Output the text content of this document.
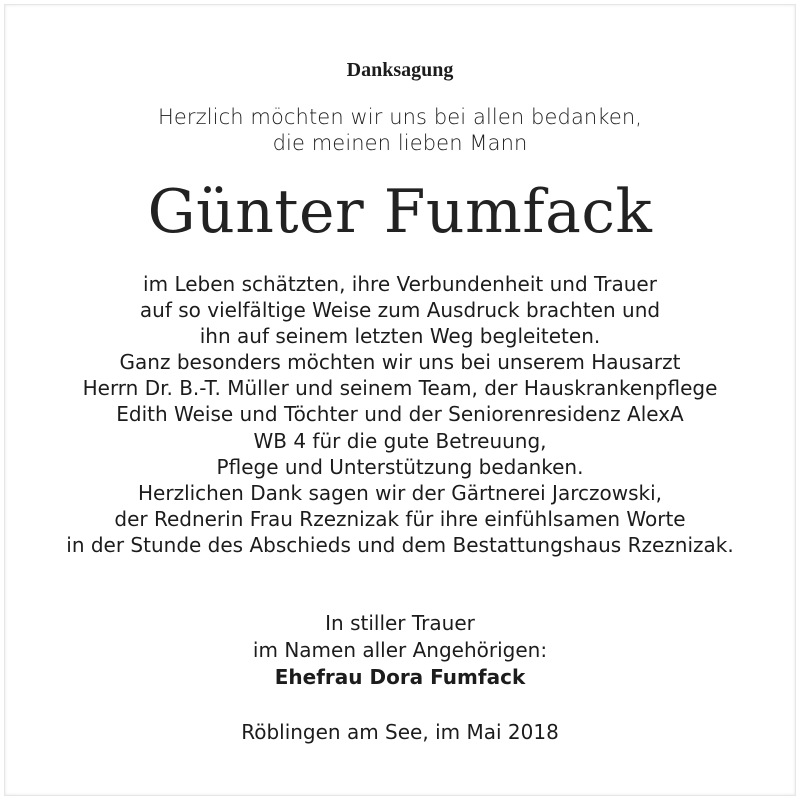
Danksagung
Herzlich möchten wir uns bei allen bedanken,
die meinen lieben Mann
Günter Fumfack
im Leben schätzten, ihre Verbundenheit und Trauer
auf so vielfältige Weise zum Ausdruck brachten und
ihn auf seinem letzten Weg begleiteten.
Ganz besonders möchten wir uns bei unserem Hausarzt
Herrn Dr. B.-T. Müller und seinem Team, der Hauskrankenpflege
Edith Weise und Töchter und der Seniorenresidenz AlexA
WB 4 für die gute Betreuung,
Pflege und Unterstützung bedanken.
Herzlichen Dank sagen wir der Gärtnerei Jarczowski,
der Rednerin Frau Rzeznizak für ihre einfühlsamen Worte
in der Stunde des Abschieds und dem Bestattungshaus Rzeznizak.
In stiller Trauer
im Namen aller Angehörigen:
Ehefrau Dora Fumfack
Röblingen am See, im Mai 2018
